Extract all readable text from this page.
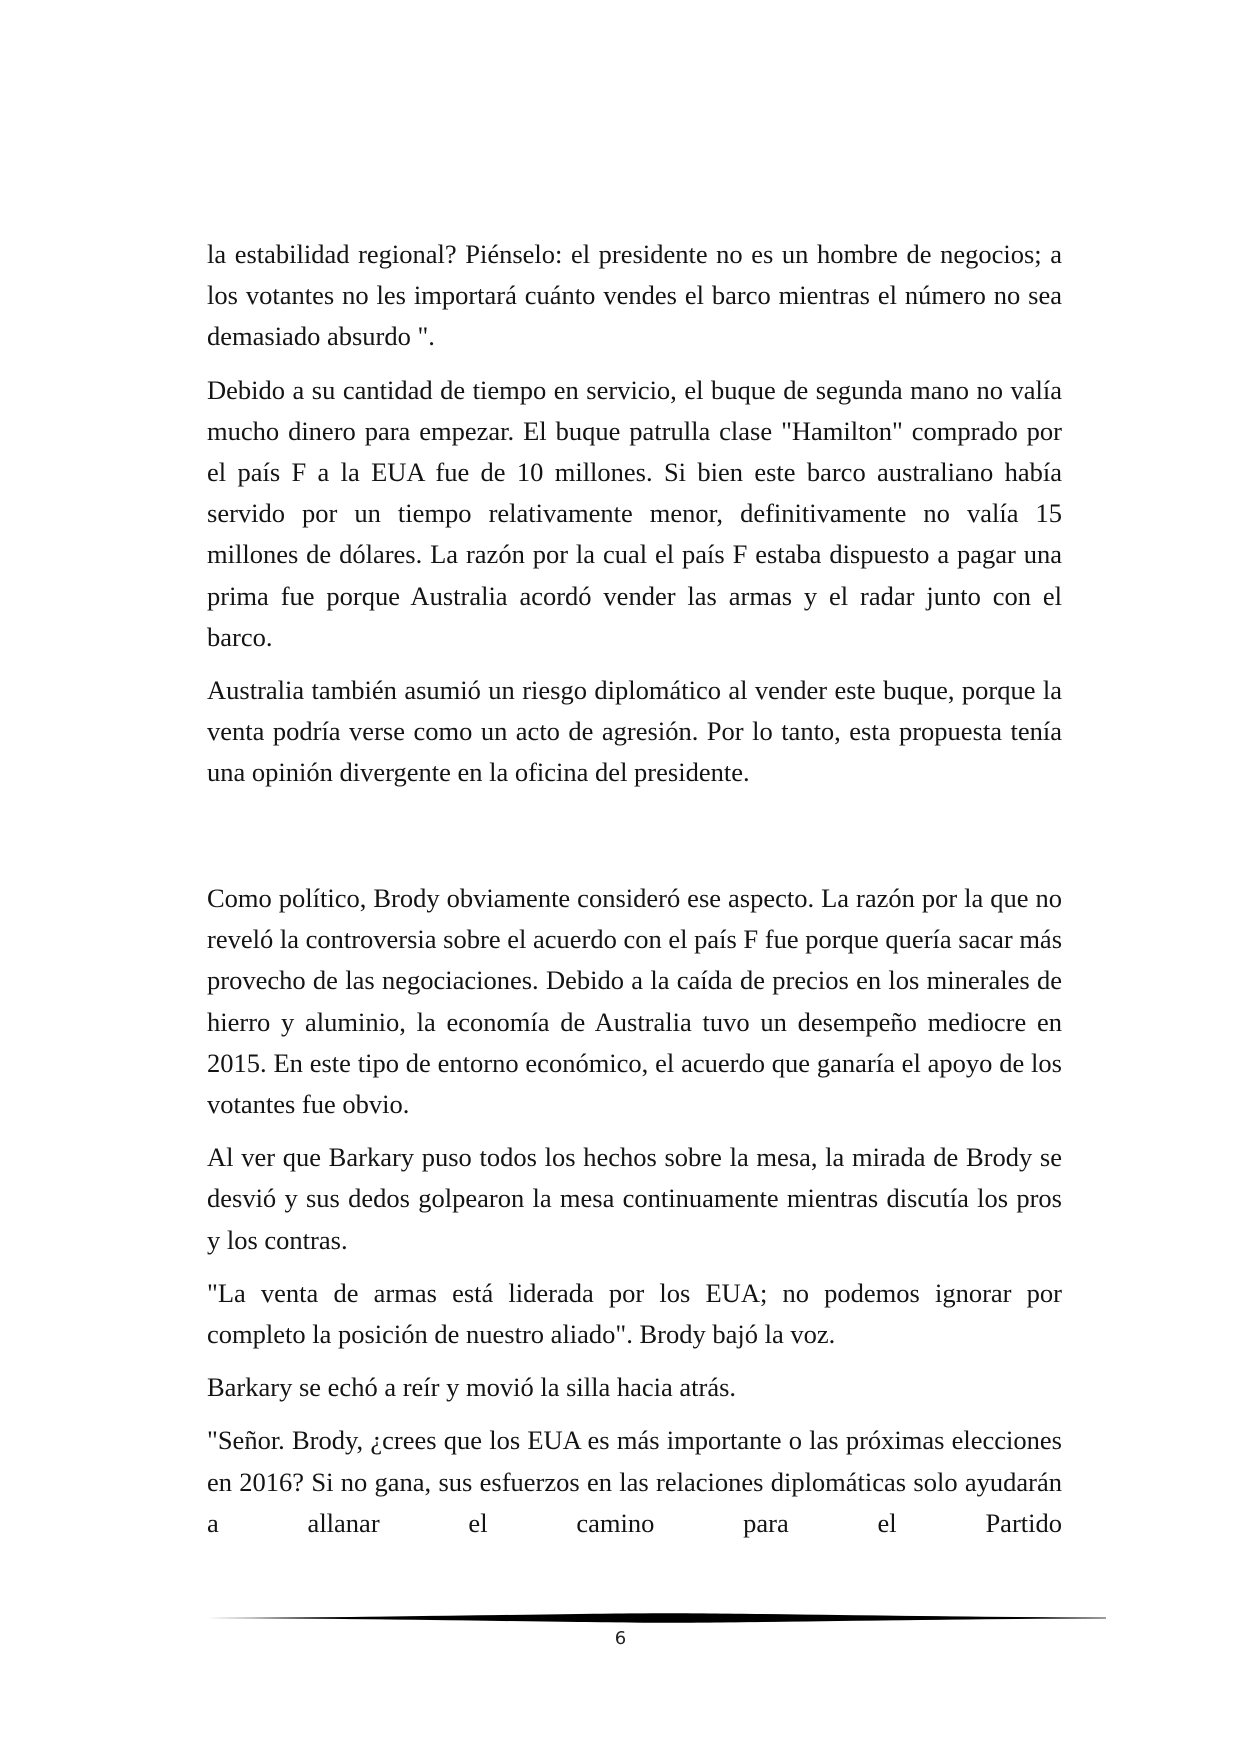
la estabilidad regional? Piénselo: el presidente no es un hombre de negocios; a los votantes no les importará cuánto vendes el barco mientras el número no sea demasiado absurdo ".

Debido a su cantidad de tiempo en servicio, el buque de segunda mano no valía mucho dinero para empezar. El buque patrulla clase "Hamilton" comprado por el país F a la EUA fue de 10 millones. Si bien este barco australiano había servido por un tiempo relativamente menor, definitivamente no valía 15 millones de dólares. La razón por la cual el país F estaba dispuesto a pagar una prima fue porque Australia acordó vender las armas y el radar junto con el barco.

Australia también asumió un riesgo diplomático al vender este buque, porque la venta podría verse como un acto de agresión. Por lo tanto, esta propuesta tenía una opinión divergente en la oficina del presidente.

Como político, Brody obviamente consideró ese aspecto. La razón por la que no reveló la controversia sobre el acuerdo con el país F fue porque quería sacar más provecho de las negociaciones. Debido a la caída de precios en los minerales de hierro y aluminio, la economía de Australia tuvo un desempeño mediocre en 2015. En este tipo de entorno económico, el acuerdo que ganaría el apoyo de los votantes fue obvio.

Al ver que Barkary puso todos los hechos sobre la mesa, la mirada de Brody se desvió y sus dedos golpearon la mesa continuamente mientras discutía los pros y los contras.

"La venta de armas está liderada por los EUA; no podemos ignorar por completo la posición de nuestro aliado". Brody bajó la voz.

Barkary se echó a reír y movió la silla hacia atrás.

"Señor. Brody, ¿crees que los EUA es más importante o las próximas elecciones en 2016? Si no gana, sus esfuerzos en las relaciones diplomáticas solo ayudarán a allanar el camino para el Partido

6
